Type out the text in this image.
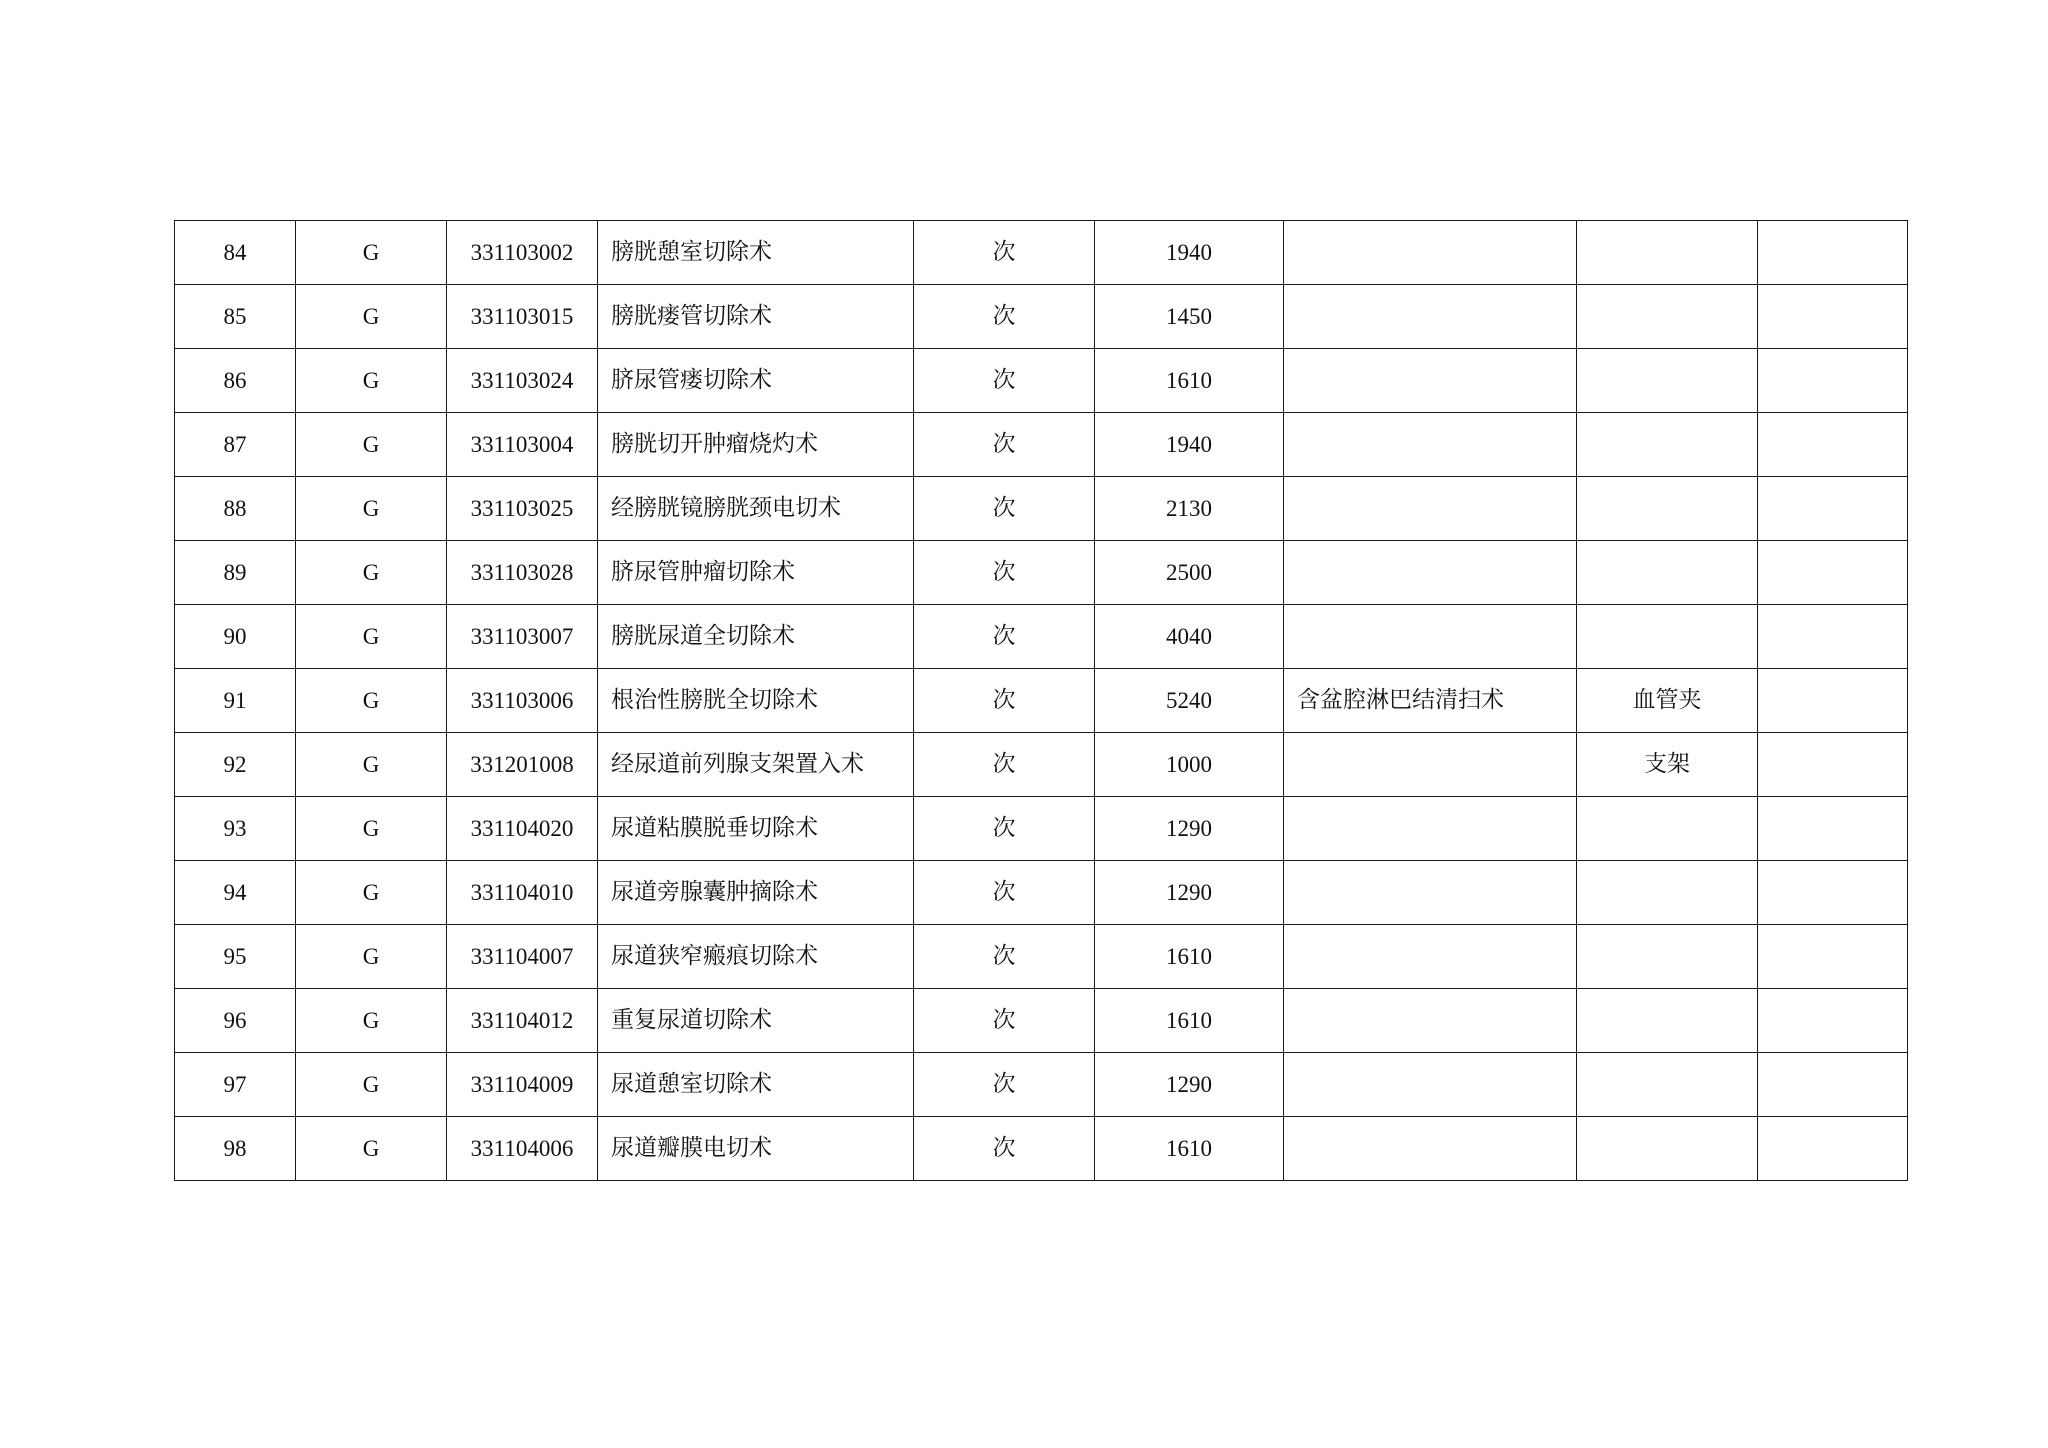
84	G	331103002	膀胱憩室切除术	次	1940			
85	G	331103015	膀胱瘘管切除术	次	1450			
86	G	331103024	脐尿管瘘切除术	次	1610			
87	G	331103004	膀胱切开肿瘤烧灼术	次	1940			
88	G	331103025	经膀胱镜膀胱颈电切术	次	2130			
89	G	331103028	脐尿管肿瘤切除术	次	2500			
90	G	331103007	膀胱尿道全切除术	次	4040			
91	G	331103006	根治性膀胱全切除术	次	5240	含盆腔淋巴结清扫术	血管夹	
92	G	331201008	经尿道前列腺支架置入术	次	1000		支架	
93	G	331104020	尿道粘膜脱垂切除术	次	1290			
94	G	331104010	尿道旁腺囊肿摘除术	次	1290			
95	G	331104007	尿道狭窄瘢痕切除术	次	1610			
96	G	331104012	重复尿道切除术	次	1610			
97	G	331104009	尿道憩室切除术	次	1290			
98	G	331104006	尿道瓣膜电切术	次	1610			
